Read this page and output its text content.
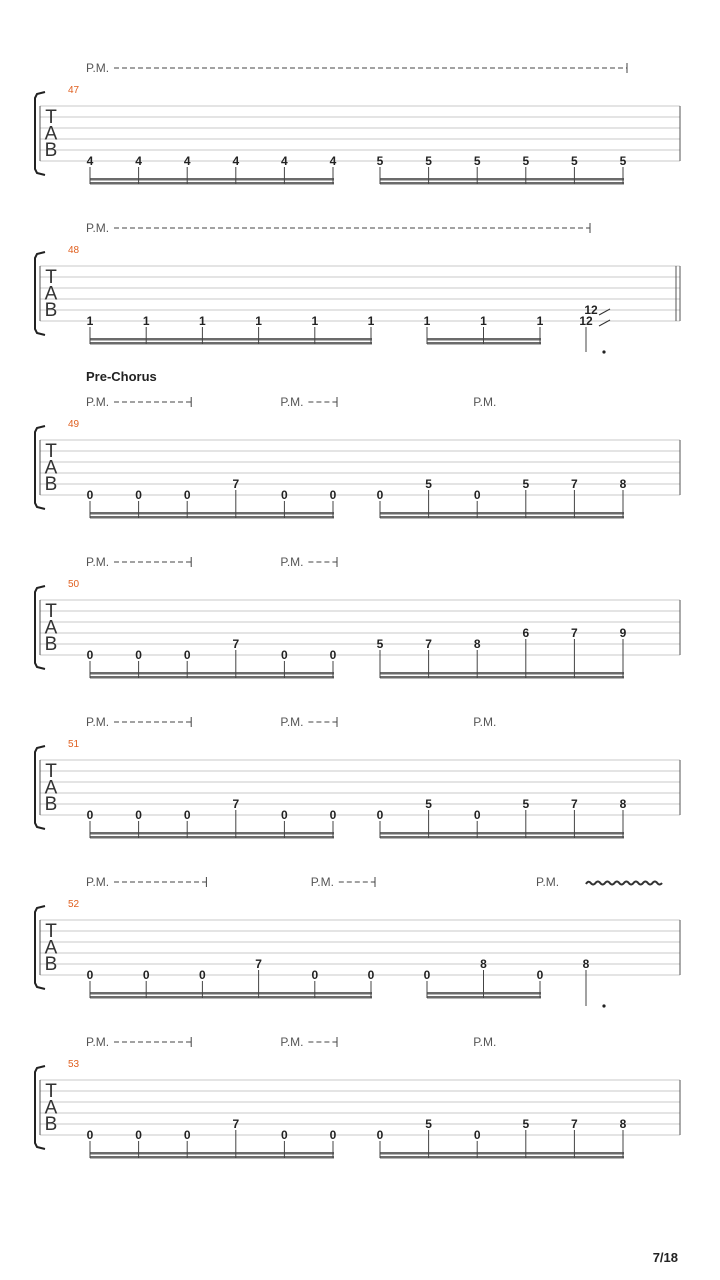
P.M.
47
T
A
B 4	4	4	4	4	4	5	5	5	5	5	5
P.M.
48
T
A
B 1	1	1	1	1	1	1	1	1	12
12
Pre-Chorus
P.M.	P.M.	P.M.
49
T
A
B 0	0	0
7
0	0	0
5
0
5	7	8
P.M.	P.M.
50
T
A
B 0	0	0
7
0	0
5	7	8
6	7	9
P.M.	P.M.	P.M.
51
T
A
B 0	0	0
7
0	0	0
5
0
5	7	8
P.M.	P.M.	P.M.
52
T
A
B 0	0	0
7
0	0	0
8
0
8
P.M.	P.M.	P.M.
53
T
A
B 0	0	0
7
0	0	0
5
0
5	7	8
7/18
